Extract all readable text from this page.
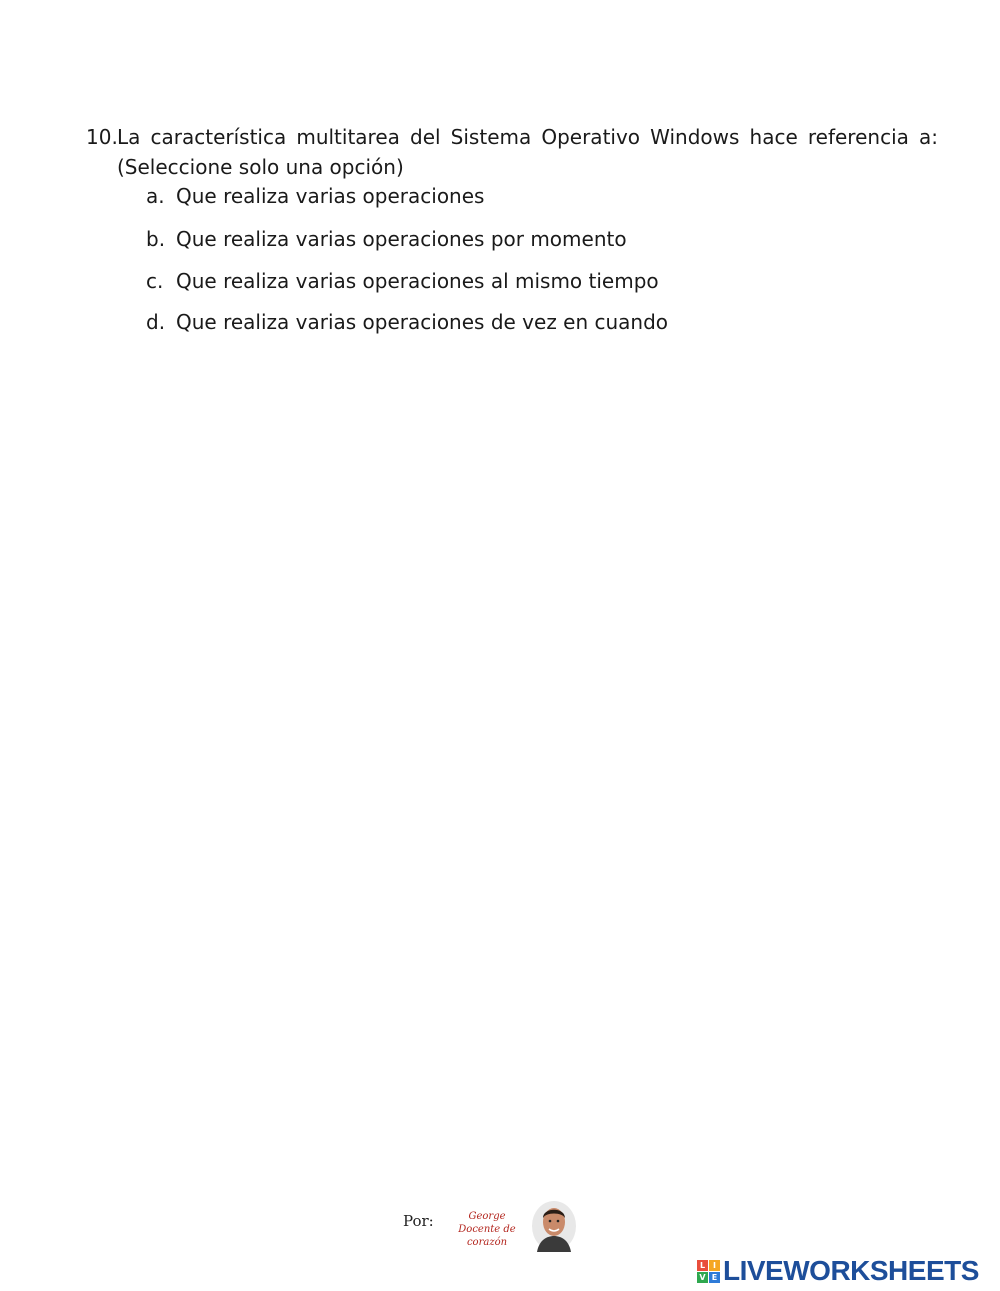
10. La característica multitarea del Sistema Operativo Windows hace referencia a: (Seleccione solo una opción)
a. Que realiza varias operaciones
b. Que realiza varias operaciones por momento
c. Que realiza varias operaciones al mismo tiempo
d. Que realiza varias operaciones de vez en cuando
Por:	George
Docente de corazón
L I
V E LIVEWORKSHEETS
